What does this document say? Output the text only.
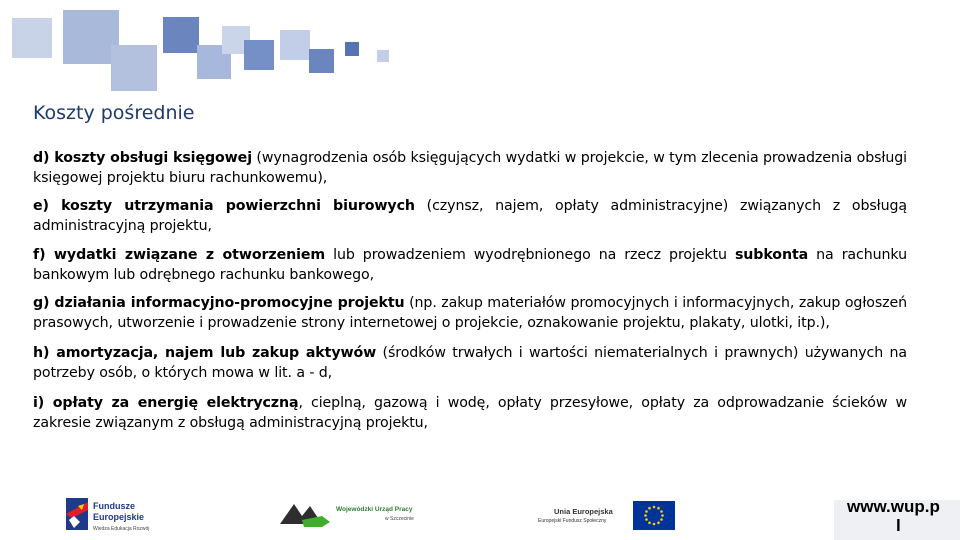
Koszty pośrednie
d) koszty obsługi księgowej (wynagrodzenia osób księgujących wydatki w projekcie, w tym zlecenia prowadzenia obsługi księgowej projektu biuru rachunkowemu),
e) koszty utrzymania powierzchni biurowych (czynsz, najem, opłaty administracyjne) związanych z obsługą administracyjną projektu,
f) wydatki związane z otworzeniem lub prowadzeniem wyodrębnionego na rzecz projektu subkonta na rachunku bankowym lub odrębnego rachunku bankowego,
g) działania informacyjno-promocyjne projektu (np. zakup materiałów promocyjnych i informacyjnych, zakup ogłoszeń prasowych, utworzenie i prowadzenie strony internetowej o projekcie, oznakowanie projektu, plakaty, ulotki, itp.),
h) amortyzacja, najem lub zakup aktywów (środków trwałych i wartości niematerialnych i prawnych) używanych na potrzeby osób, o których mowa w lit. a - d,
i) opłaty za energię elektryczną, cieplną, gazową i wodę, opłaty przesyłowe, opłaty za odprowadzanie ścieków w zakresie związanym z obsługą administracyjną projektu,
Fundusze
Europejskie
Wiedza Edukacja Rozwój
Wojewódzki Urząd Pracy
w Szczecinie
Unia Europejska
Europejski Fundusz Społeczny
www.wup.p
l
